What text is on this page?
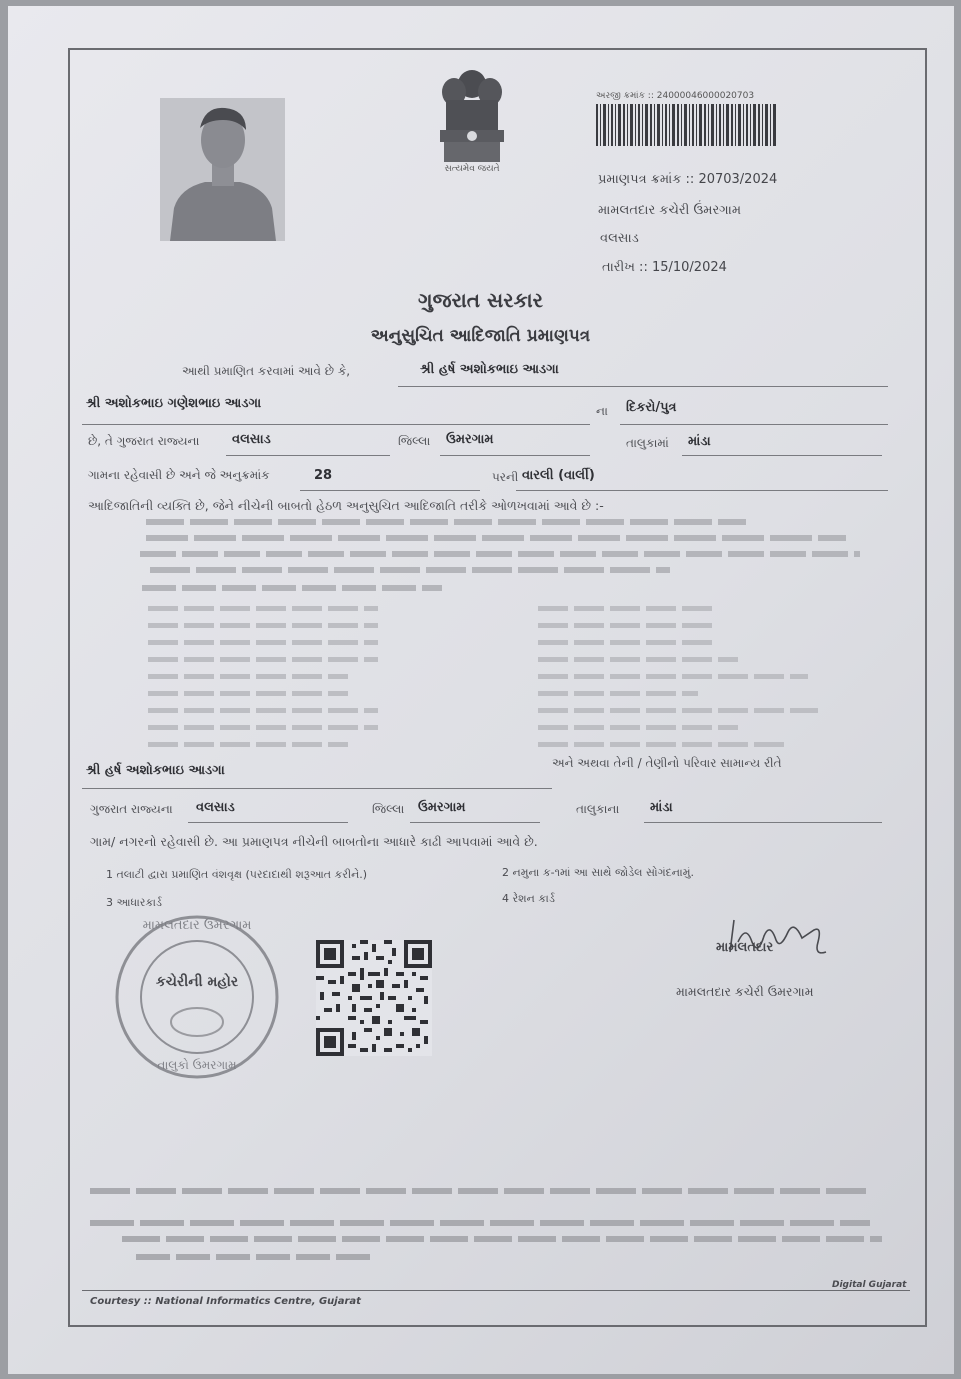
સત્યમેવ જયતે
અરજી ક્રમાંક :: 24000046000020703
પ્રમાણપત્ર ક્રમાંક :: 20703/2024
મામલતદાર કચેરી ઉંમરગામ
વલસાડ
તારીખ :: 15/10/2024
ગુજરાત સરકાર
અનુસુચિત આદિજાતિ પ્રમાણપત્ર
આથી પ્રમાણિત કરવામાં આવે છે કે,	શ્રી હર્ષ અશોકભાઇ આડગા
શ્રી અશોકભાઇ ગણેશભાઇ આડગા	ના દિકરો/પુત્ર
છે, તે ગુજરાત રાજ્યના	વલસાડ	જિલ્લા ઉમરગામ	તાલુકામાં માંડા
ગામના રહેવાસી છે અને જે અનુક્રમાંક	28	પરની વારલી (વાર્લી)
આદિજાતિની વ્યક્તિ છે, જેને નીચેની બાબતો હેઠળ અનુસુચિત આદિજાતિ તરીકે ઓળખવામાં આવે છે :-
શ્રી હર્ષ અશોકભાઇ આડગા	અને અથવા તેની / તેણીનો પરિવાર સામાન્ય રીતે
ગુજરાત રાજ્યના વલસાડ	જિલ્લા ઉમરગામ	તાલુકાના માંડા
ગામ/ નગરનો રહેવાસી છે. આ પ્રમાણપત્ર નીચેની બાબતોના આધારે કાઢી આપવામાં આવે છે.
1 તલાટી દ્વારા પ્રમાણિત વંશવૃક્ષ (પરદાદાથી શરૂઆત કરીને.)	2 નમુના ક-૧માં આ સાથે જોડેલ સોગંદનામું.
3 આધારકાર્ડ	4 રેશન કાર્ડ
મામલતદાર ઉમરગામ
કચેરીની મહોર
તાલુકો ઉમરગામ
મામલતદાર
મામલતદાર કચેરી ઉમરગામ
Courtesy :: National Informatics Centre, Gujarat
Digital Gujarat
